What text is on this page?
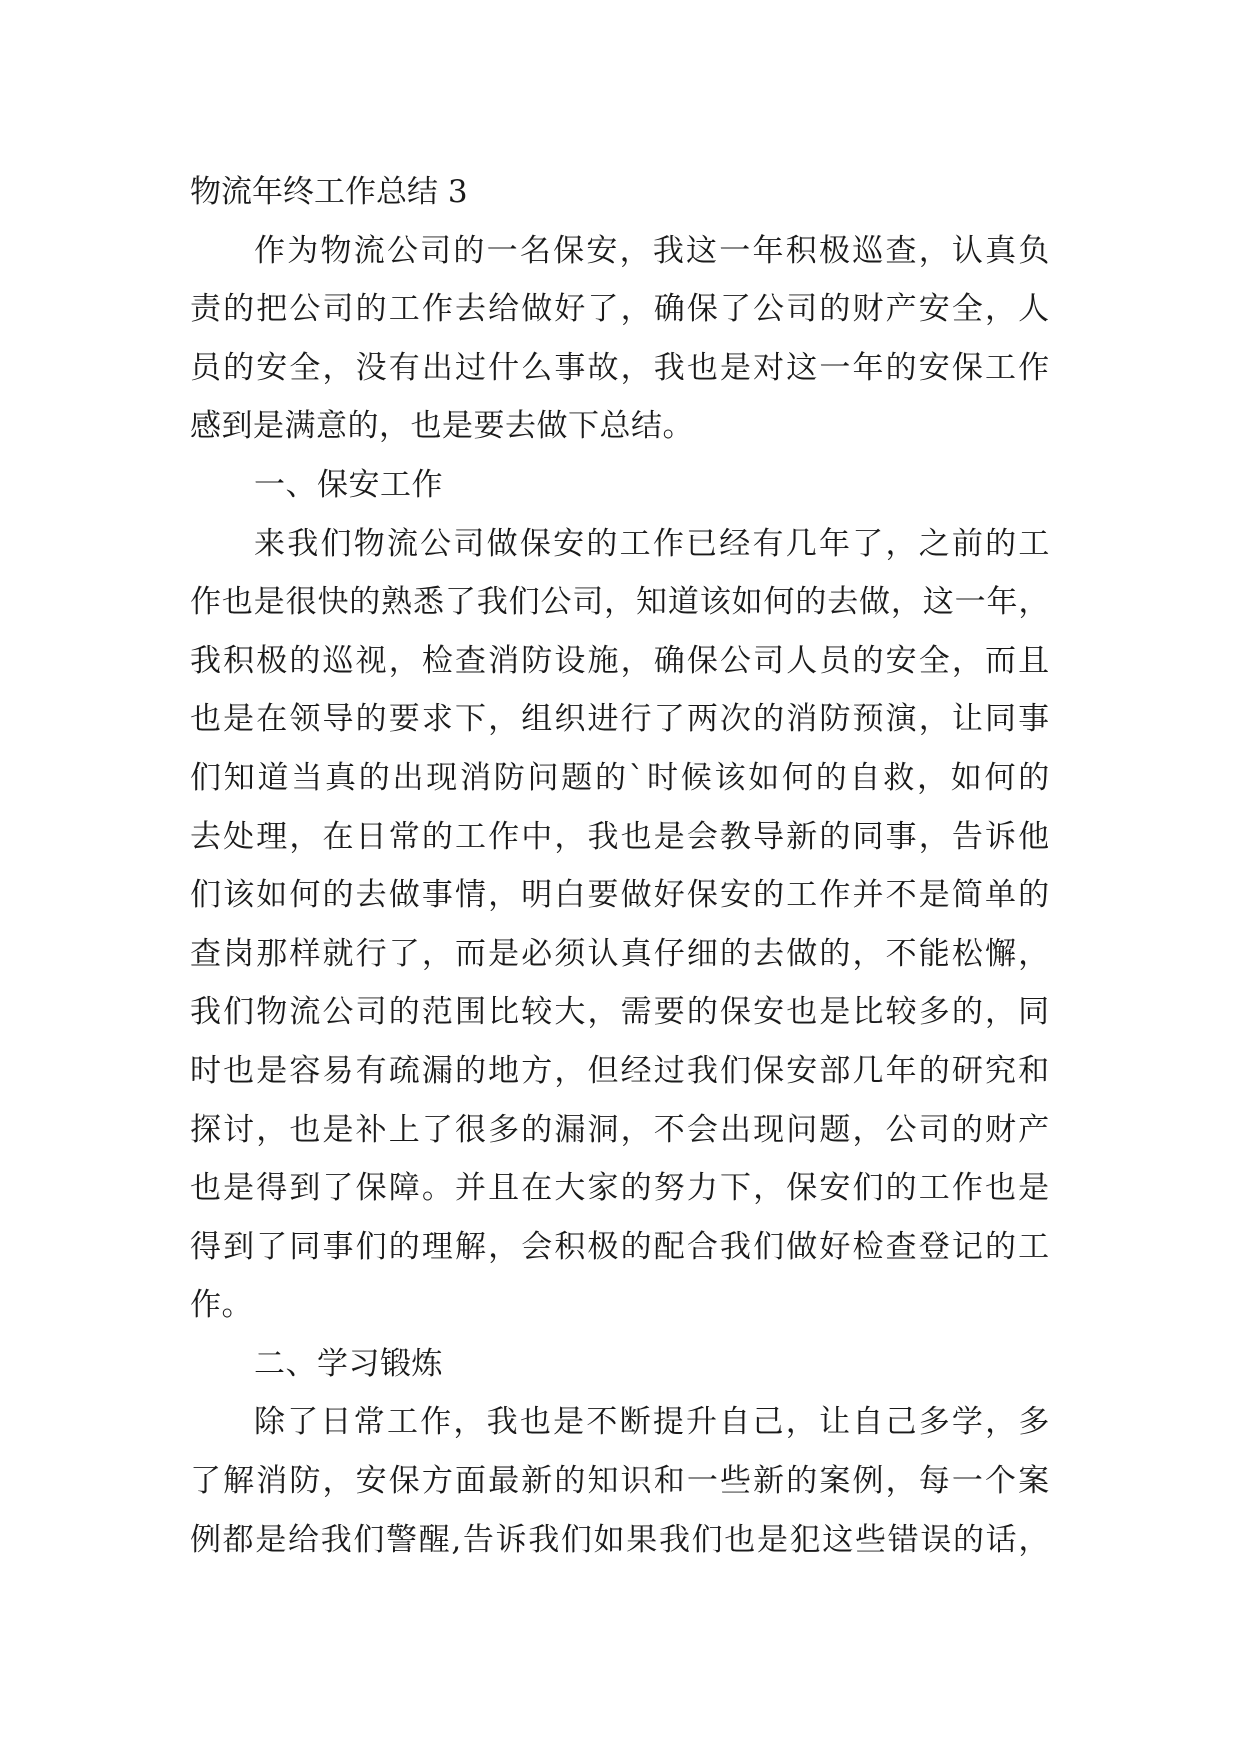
物流年终工作总结 3
作 为 物 流 公 司 的 一 名 保 安 ， 我 这 一 年 积 极 巡 查 ， 认 真 负
责 的 把 公 司 的 工 作 去 给 做 好 了 ， 确 保 了 公 司 的 财 产 安 全 ， 人
员 的 安 全 ， 没 有 出 过 什 么 事 故 ， 我 也 是 对 这 一 年 的 安 保 工 作
感到是满意的，也是要去做下总结。
一、保安工作
来 我 们 物 流 公 司 做 保 安 的 工 作 已 经 有 几 年 了 ， 之 前 的 工
作 也 是 很 快 的 熟 悉 了 我 们 公 司 ， 知 道 该 如 何 的 去 做 ， 这 一 年 ，
我 积 极 的 巡 视 ， 检 查 消 防 设 施 ， 确 保 公 司 人 员 的 安 全 ， 而 且
也 是 在 领 导 的 要 求 下 ， 组 织 进 行 了 两 次 的 消 防 预 演 ， 让 同 事
们 知 道 当 真 的 出 现 消 防 问 题 的 ` 时 候 该 如 何 的 自 救 ， 如 何 的
去 处 理 ， 在 日 常 的 工 作 中 ， 我 也 是 会 教 导 新 的 同 事 ， 告 诉 他
们 该 如 何 的 去 做 事 情 ， 明 白 要 做 好 保 安 的 工 作 并 不 是 简 单 的
查 岗 那 样 就 行 了 ， 而 是 必 须 认 真 仔 细 的 去 做 的 ， 不 能 松 懈 ，
我 们 物 流 公 司 的 范 围 比 较 大 ， 需 要 的 保 安 也 是 比 较 多 的 ， 同
时 也 是 容 易 有 疏 漏 的 地 方 ， 但 经 过 我 们 保 安 部 几 年 的 研 究 和
探 讨 ， 也 是 补 上 了 很 多 的 漏 洞 ， 不 会 出 现 问 题 ， 公 司 的 财 产
也 是 得 到 了 保 障 。 并 且 在 大 家 的 努 力 下 ， 保 安 们 的 工 作 也 是
得 到 了 同 事 们 的 理 解 ， 会 积 极 的 配 合 我 们 做 好 检 查 登 记 的 工
作。
二、学习锻炼
除 了 日 常 工 作 ， 我 也 是 不 断 提 升 自 己 ， 让 自 己 多 学 ， 多
了 解 消 防 ， 安 保 方 面 最 新 的 知 识 和 一 些 新 的 案 例 ， 每 一 个 案
例 都 是 给 我 们 警 醒 , 告 诉 我 们 如 果 我 们 也 是 犯 这 些 错 误 的 话 ，
